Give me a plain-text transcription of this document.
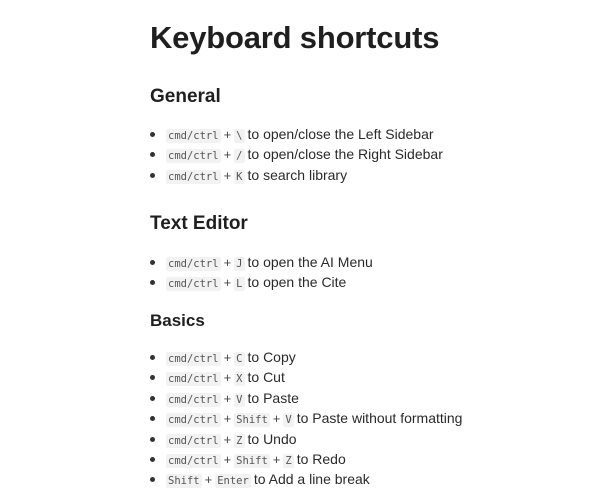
Keyboard shortcuts
General
cmd/ctrl + \ to open/close the Left Sidebar
cmd/ctrl + / to open/close the Right Sidebar
cmd/ctrl + K to search library
Text Editor
cmd/ctrl + J to open the AI Menu
cmd/ctrl + L to open the Cite
Basics
cmd/ctrl + C to Copy
cmd/ctrl + X to Cut
cmd/ctrl + V to Paste
cmd/ctrl + Shift + V to Paste without formatting
cmd/ctrl + Z to Undo
cmd/ctrl + Shift + Z to Redo
Shift + Enter to Add a line break
